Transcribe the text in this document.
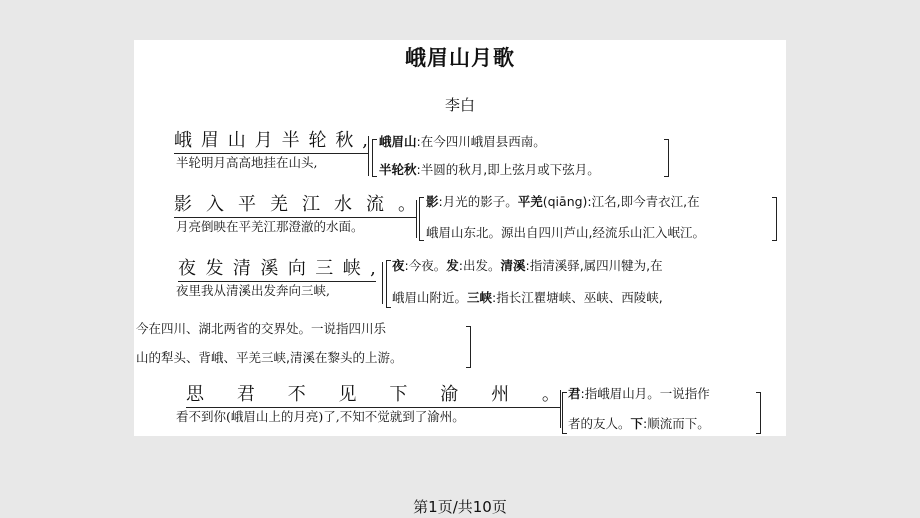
峨眉山月歌
李白
峨 眉 山 月 半 轮 秋 ,
半轮明月高高地挂在山头,
峨眉山:在今四川峨眉县西南。
半轮秋:半圆的秋月,即上弦月或下弦月。
影 入 平 羌 江 水 流 。
月亮倒映在平羌江那澄澈的水面。
影:月光的影子。平羌(qiāng):江名,即今青衣江,在
峨眉山东北。源出自四川芦山,经流乐山汇入岷江。
夜 发 清 溪 向 三 峡 ,
夜里我从清溪出发奔向三峡,
夜:今夜。发:出发。清溪:指清溪驿,属四川犍为,在
峨眉山附近。三峡:指长江瞿塘峡、巫峡、西陵峡,
今在四川、湖北两省的交界处。一说指四川乐
山的犁头、背峨、平羌三峡,清溪在黎头的上游。
思 君 不 见 下 渝 州 。
看不到你(峨眉山上的月亮)了,不知不觉就到了渝州。
君:指峨眉山月。一说指作
者的友人。下:顺流而下。
第1页/共10页
